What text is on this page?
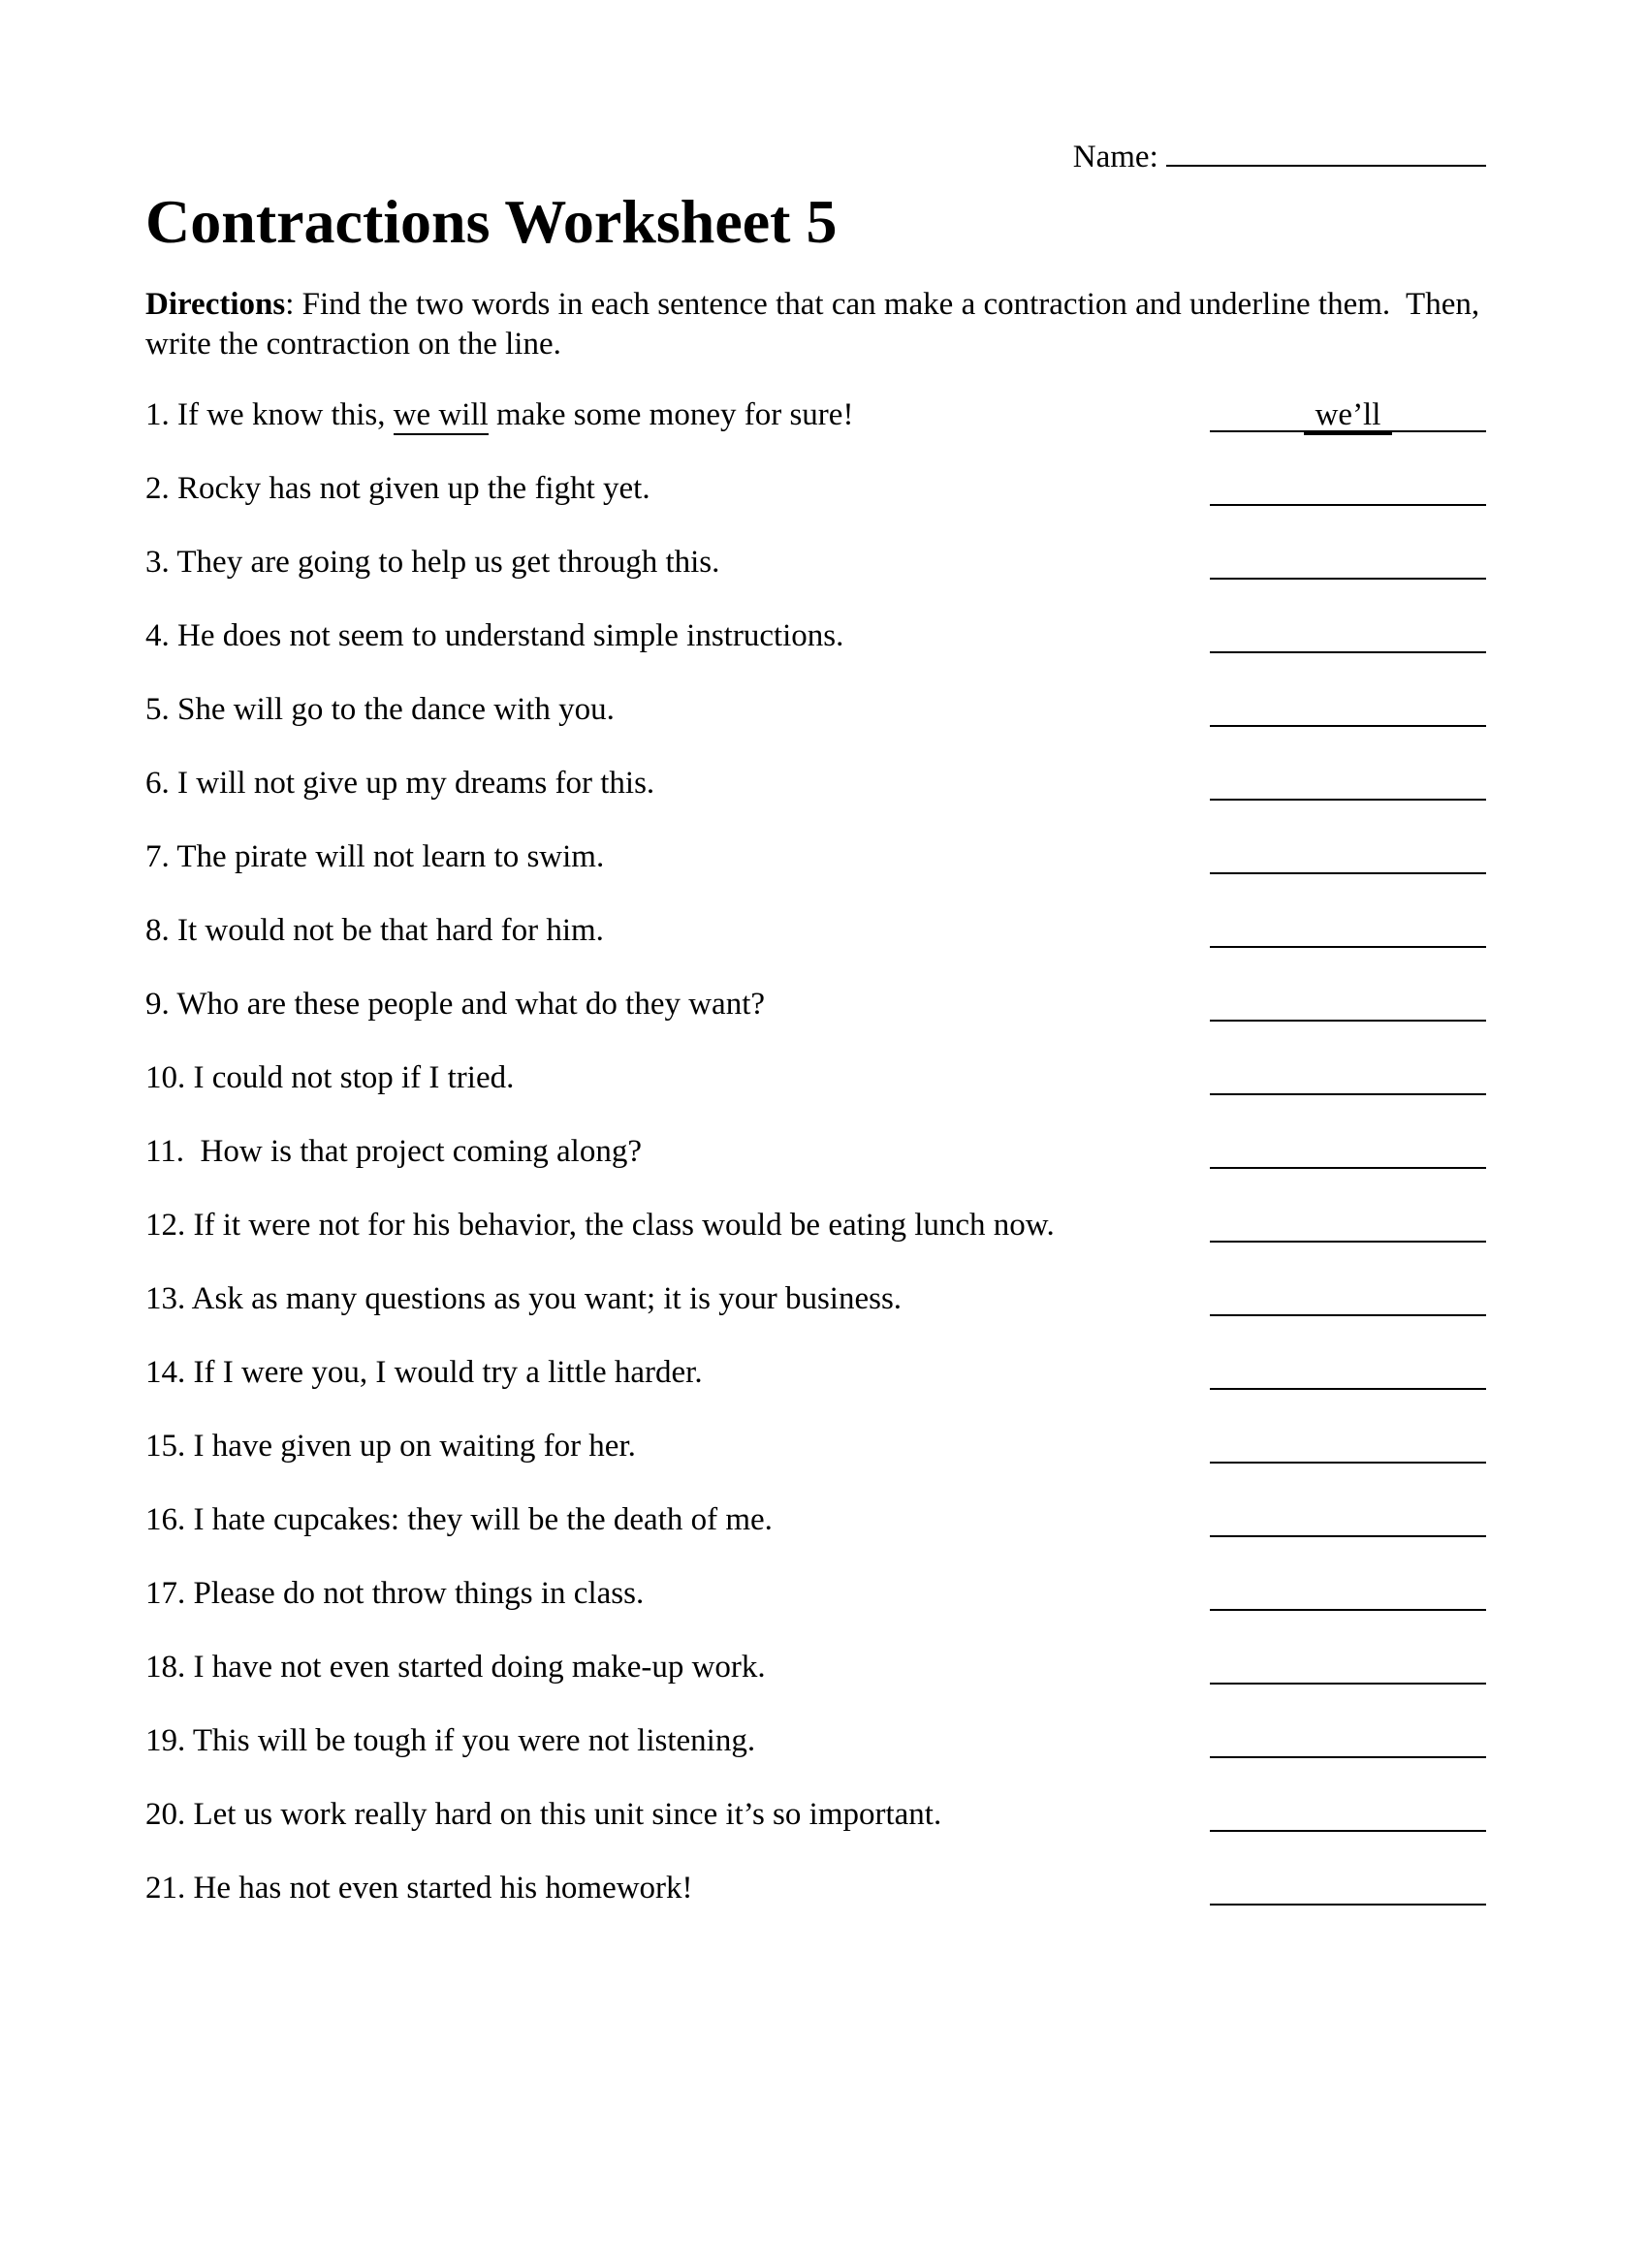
Name:
Contractions Worksheet 5

Directions: Find the two words in each sentence that can make a contraction and underline them.  Then,
write the contraction on the line.

1. If we know this, we will make some money for sure!	we’ll
2. Rocky has not given up the fight yet.
3. They are going to help us get through this.
4. He does not seem to understand simple instructions.
5. She will go to the dance with you.
6. I will not give up my dreams for this.
7. The pirate will not learn to swim.
8. It would not be that hard for him.
9. Who are these people and what do they want?
10. I could not stop if I tried.
11.  How is that project coming along?
12. If it were not for his behavior, the class would be eating lunch now.
13. Ask as many questions as you want; it is your business.
14. If I were you, I would try a little harder.
15. I have given up on waiting for her.
16. I hate cupcakes: they will be the death of me.
17. Please do not throw things in class.
18. I have not even started doing make-up work.
19. This will be tough if you were not listening.
20. Let us work really hard on this unit since it’s so important.
21. He has not even started his homework!
